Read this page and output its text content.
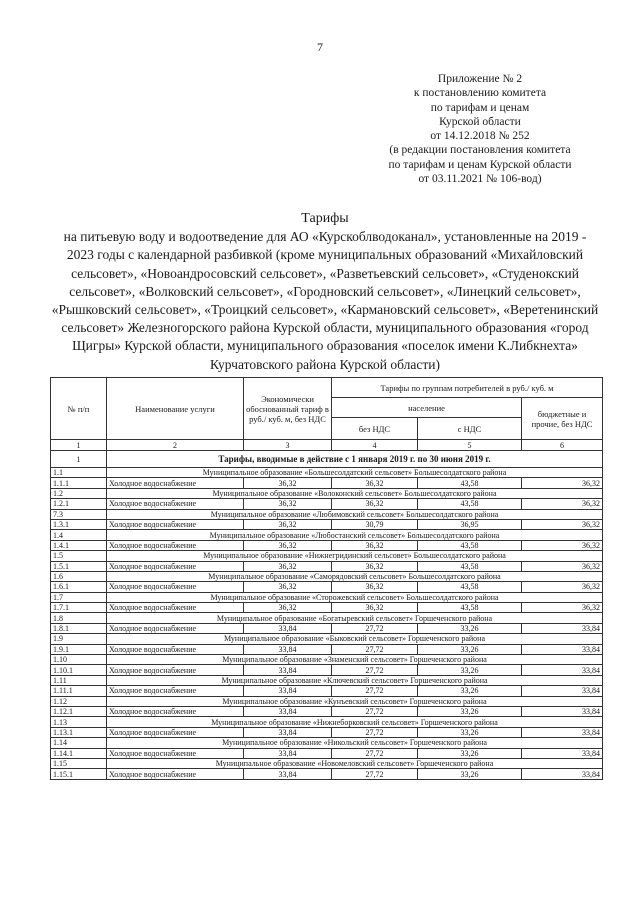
7
Приложение № 2
к постановлению комитета
по тарифам и ценам
Курской области
от 14.12.2018 № 252
(в редакции постановления комитета
по тарифам и ценам Курской области
от 03.11.2021 № 106-вод)
Тарифы
на питьевую воду и водоотведение для АО «Курскоблводоканал», установленные на 2019 - 2023 годы с календарной разбивкой (кроме муниципальных образований «Михайловский сельсовет», «Новоандросовский сельсовет», «Разветьевский сельсовет», «Студенокский сельсовет», «Волковский сельсовет», «Городновский сельсовет», «Линецкий сельсовет», «Рышковский сельсовет», «Троицкий сельсовет», «Кармановский сельсовет», «Веретенинский сельсовет» Железногорского района Курской области, муниципального образования «город Щигры» Курской области, муниципального образования «поселок имени К.Либкнехта» Курчатовского района Курской области)
№ п/п	Наименование услуги	Экономически обоснованный тариф в руб./ куб. м, без НДС	Тарифы по группам потребителей в руб./ куб. м		
			население		бюджетные и прочие, без НДС
			без НДС	с НДС	
1	2	3	4	5	6
1	Тарифы, вводимые в действие с 1 января 2019 г. по 30 июня 2019 г.				
1.1	Муниципальное образование «Большесолдатский сельсовет» Большесолдатского района				
1.1.1	Холодное водоснабжение	36,32	36,32	43,58	36,32
1.2	Муниципальное образование «Волоконский сельсовет» Большесолдатского района				
1.2.1	Холодное водоснабжение	36,32	36,32	43,58	36,32
7.3	Муниципальное образование «Любимовский сельсовет» Большесолдатского района				
1.3.1	Холодное водоснабжение	36,32	30,79	36,95	36,32
1.4	Муниципальное образование «Любостанский сельсовет» Большесолдатского района				
1.4.1	Холодное водоснабжение	36,32	36,32	43,58	36,32
1.5	Муниципальное образование «Нижнегридинский сельсовет» Большесолдатского района				
1.5.1	Холодное водоснабжение	36,32	36,32	43,58	36,32
1.6	Муниципальное образование «Саморядовский сельсовет» Большесолдатского района				
1.6.1	Холодное водоснабжение	36,32	36,32	43,58	36,32
1.7	Муниципальное образование «Сторожевский сельсовет» Большесолдатского района				
1.7.1	Холодное водоснабжение	36,32	36,32	43,58	36,32
1.8	Муниципальное образование «Богатыревский сельсовет» Горшеченского района				
1.8.1	Холодное водоснабжение	33,84	27,72	33,26	33,84
1.9	Муниципальное образование «Быковский сельсовет» Горшеченского района				
1.9.1	Холодное водоснабжение	33,84	27,72	33,26	33,84
1.10	Муниципальное образование «Знаменский сельсовет» Горшеченского района				
1.10.1	Холодное водоснабжение	33,84	27,72	33,26	33,84
1.11	Муниципальное образование «Ключевский сельсовет» Горшеченского района				
1.11.1	Холодное водоснабжение	33,84	27,72	33,26	33,84
1.12	Муниципальное образование «Кунъевский сельсовет» Горшеченского района				
1.12.1	Холодное водоснабжение	33,84	27,72	33,26	33,84
1.13	Муниципальное образование «Нижнеборковский сельсовет» Горшеченского района				
1.13.1	Холодное водоснабжение	33,84	27,72	33,26	33,84
1.14	Муниципальное образование «Никольский сельсовет» Горшеченского района				
1.14.1	Холодное водоснабжение	33,84	27,72	33,26	33,84
1.15	Муниципальное образование «Новомеловский сельсовет» Горшеченского района				
1.15.1	Холодное водоснабжение	33,84	27,72	33,26	33,84
